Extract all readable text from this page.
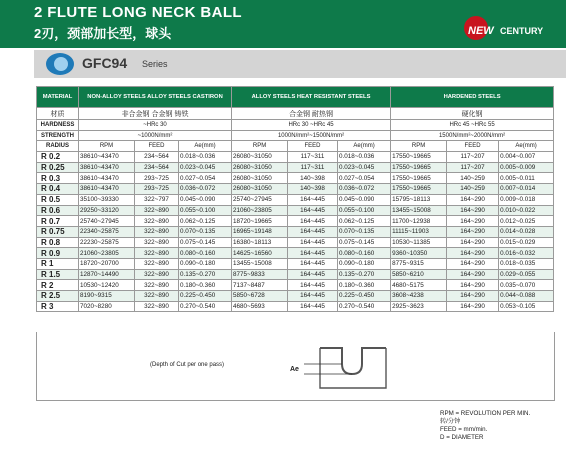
2 FLUTE LONG NECK BALL
2刃，颈部加长型，球头	NEW CENTURY
GFC94 Series
MATERIAL	NON-ALLOY STEELS ALLOY STEELS CASTIRON			ALLOY STEELS HEAT RESISTANT STEELS			HARDENED STEELS		
材质	非合金钢 合金钢 铸铁			合金钢 耐热钢			硬化钢		
HARDNESS	~HRc 30			HRc 30 ~HRc 45			HRc 45 ~HRc 55		
STRENGTH	~1000N/mm²			1000N/mm²~1500N/mm²			1500N/mm²~2000N/mm²		
RADIUS	RPM	FEED	Ae(mm)	RPM	FEED	Ae(mm)	RPM	FEED	Ae(mm)
R 0.2	38610~43470	234~564	0.018~0.036	26080~31050	117~311	0.018~0.036	17550~19665	117~207	0.004~0.007
R 0.25	38610~43470	234~564	0.023~0.045	26080~31050	117~311	0.023~0.045	17550~19665	117~207	0.005~0.009
R 0.3	38610~43470	293~725	0.027~0.054	26080~31050	140~398	0.027~0.054	17550~19665	140~259	0.005~0.011
R 0.4	38610~43470	293~725	0.036~0.072	26080~31050	140~398	0.036~0.072	17550~19665	140~259	0.007~0.014
R 0.5	35100~39330	322~797	0.045~0.090	25740~27945	164~445	0.045~0.090	15795~18113	164~290	0.009~0.018
R 0.6	29250~33120	322~890	0.055~0.100	21060~23805	164~445	0.055~0.100	13455~15008	164~290	0.010~0.022
R 0.7	25740~27945	322~890	0.062~0.125	18720~19665	164~445	0.062~0.125	11700~12938	164~290	0.012~0.025
R 0.75	22340~25875	322~890	0.070~0.135	16965~19148	164~445	0.070~0.135	11115~11903	164~290	0.014~0.028
R 0.8	22230~25875	322~890	0.075~0.145	16380~18113	164~445	0.075~0.145	10530~11385	164~290	0.015~0.029
R 0.9	21060~23805	322~890	0.080~0.160	14625~16560	164~445	0.080~0.160	9360~10350	164~290	0.016~0.032
R 1	18720~20700	322~890	0.090~0.180	13455~15008	164~445	0.090~0.180	8775~9315	164~290	0.018~0.035
R 1.5	12870~14490	322~890	0.135~0.270	8775~9833	164~445	0.135~0.270	5850~6210	164~290	0.029~0.055
R 2	10530~12420	322~890	0.180~0.360	7137~8487	164~445	0.180~0.360	4680~5175	164~290	0.035~0.070
R 2.5	8190~9315	322~890	0.225~0.450	5850~6728	164~445	0.225~0.450	3608~4238	164~290	0.044~0.088
R 3	7020~8280	322~890	0.270~0.540	4680~5693	164~445	0.270~0.540	2925~3623	164~290	0.053~0.105
(Depth of Cut per one pass)
Ae
RPM = REVOLUTION PER MIN.
转/分钟
FEED = mm/min.
D = DIAMETER
